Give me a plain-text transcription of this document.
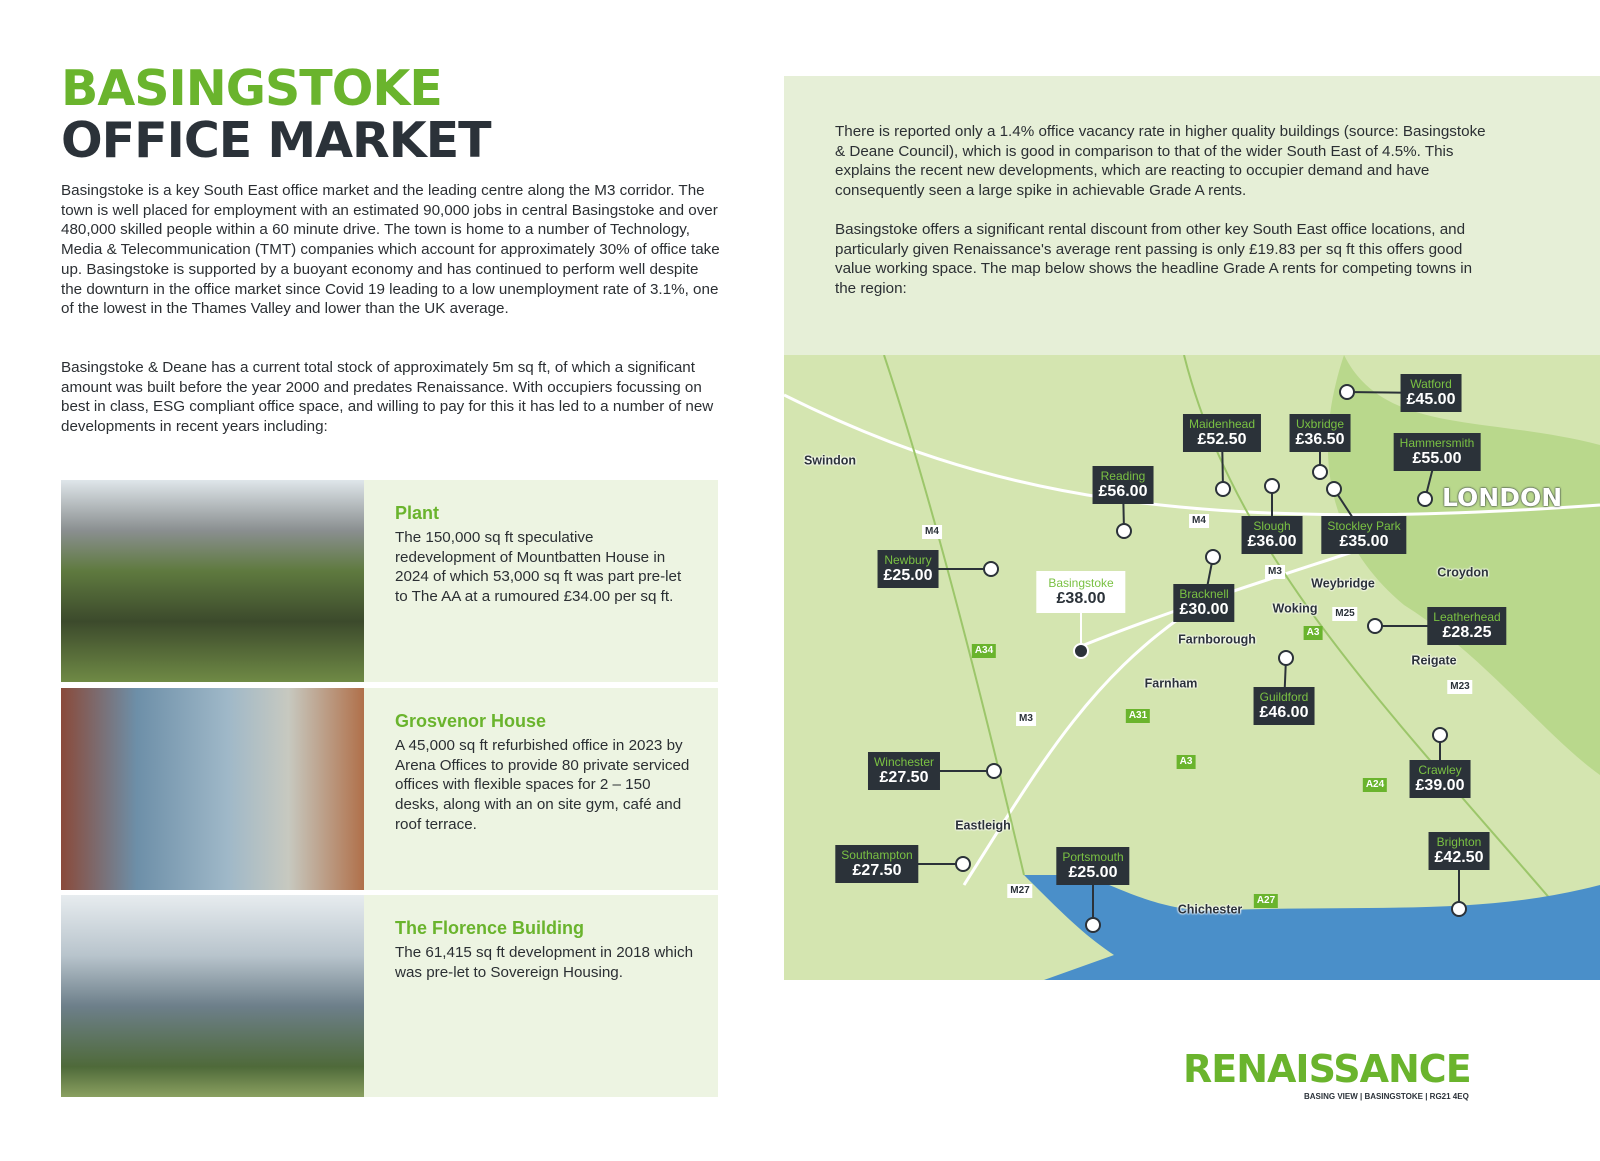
BASINGSTOKE
OFFICE MARKET

Basingstoke is a key South East office market and the leading centre along the M3 corridor. The town is well placed for employment with an estimated 90,000 jobs in central Basingstoke and over 480,000 skilled people within a 60 minute drive. The town is home to a number of Technology, Media & Telecommunication (TMT) companies which account for approximately 30% of office take up. Basingstoke is supported by a buoyant economy and has continued to perform well despite the downturn in the office market since Covid 19 leading to a low unemployment rate of 3.1%, one of the lowest in the Thames Valley and lower than the UK average.

Basingstoke & Deane has a current total stock of approximately 5m sq ft, of which a significant amount was built before the year 2000 and predates Renaissance. With occupiers focussing on best in class, ESG compliant office space, and willing to pay for this it has led to a number of new developments in recent years including:

Plant

The 150,000 sq ft speculative redevelopment of Mountbatten House in 2024 of which 53,000 sq ft was part pre-let to The AA at a rumoured £34.00 per sq ft.

Grosvenor House

A 45,000 sq ft refurbished office in 2023 by Arena Offices to provide 80 private serviced offices with flexible spaces for 2 – 150 desks, along with an on site gym, café and roof terrace.

The Florence Building

The 61,415 sq ft development in 2018 which was pre-let to Sovereign Housing.

There is reported only a 1.4% office vacancy rate in higher quality buildings (source: Basingstoke & Deane Council), which is good in comparison to that of the wider South East of 4.5%. This explains the recent new developments, which are reacting to occupier demand and have consequently seen a large spike in achievable Grade A rents.

Basingstoke offers a significant rental discount from other key South East office locations, and particularly given Renaissance's average rent passing is only £19.83 per sq ft this offers good value working space. The map below shows the headline Grade A rents for competing towns in the region:

LONDON
Watford
£45.00
Maidenhead
£52.50
Uxbridge
£36.50	Hammersmith
£55.00
Reading
£56.00
Slough
£36.00
Stockley Park
£35.00
Newbury
£25.00	Basingstoke
£38.00	Bracknell
£30.00	Leatherhead
£28.25
Guildford
£46.00
Winchester
£27.50	Crawley
£39.00
Southampton
£27.50
Portsmouth
£25.00
Brighton
£42.50
Swindon
Croydon
Weybridge
Woking
Farnborough
Reigate
Farnham
Eastleigh
Chichester
M4
M4
M3
M25
A3
A34
M3	A31
A3
A24
M23
M27
A27
RENAISSANCE
BASING VIEW | BASINGSTOKE | RG21 4EQ
